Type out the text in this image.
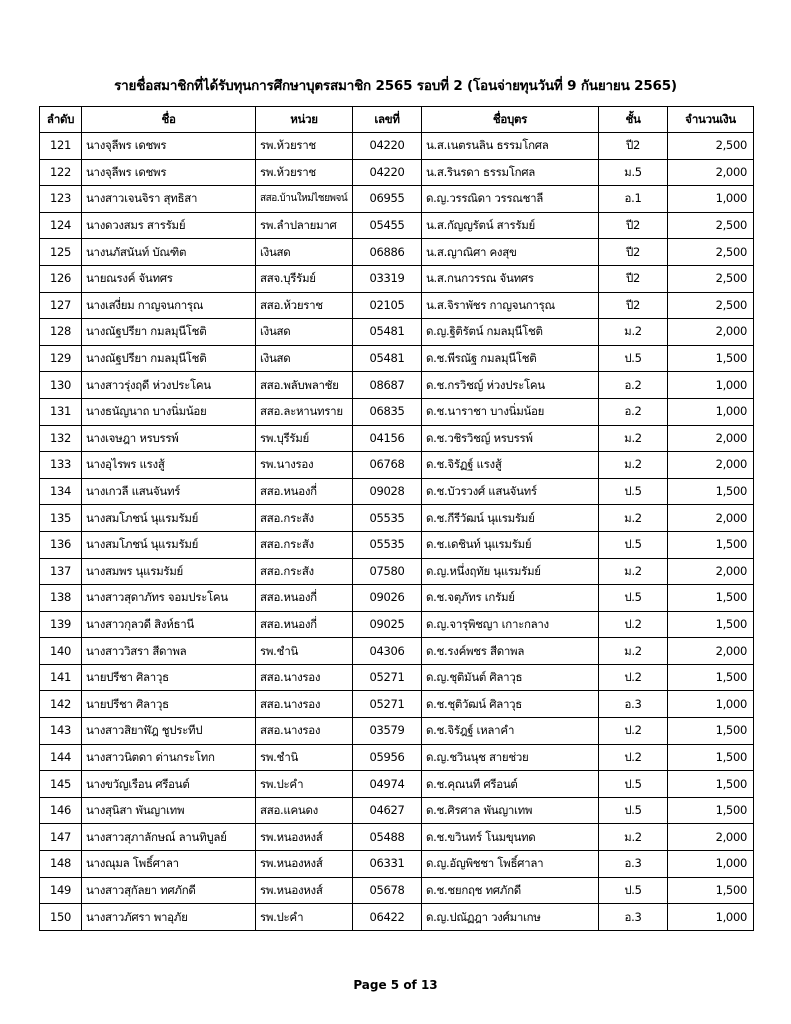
รายชื่อสมาชิกที่ได้รับทุนการศึกษาบุตรสมาชิก 2565 รอบที่ 2 (โอนจ่ายทุนวันที่ 9 กันยายน 2565)
ลำดับ	ชื่อ	หน่วย	เลขที่	ชื่อบุตร	ชั้น	จำนวนเงิน
121	นางจุลีพร เดชพร	รพ.ห้วยราช	04220	น.ส.เนตรนลิน ธรรมโกศล	ปี2	2,500
122	นางจุลีพร เดชพร	รพ.ห้วยราช	04220	น.ส.รินรดา ธรรมโกศล	ม.5	2,000
123	นางสาวเจนจิรา สุทธิสา	สสอ.บ้านใหม่ไชยพจน์	06955	ด.ญ.วรรณิดา วรรณชาลี	อ.1	1,000
124	นางดวงสมร สารรัมย์	รพ.ลำปลายมาศ	05455	น.ส.กัญญรัตน์ สารรัมย์	ปี2	2,500
125	นางนภัสนันท์ บัณฑิต	เงินสด	06886	น.ส.ญาณิศา คงสุข	ปี2	2,500
126	นายณรงค์ จันทศร	สสจ.บุรีรัมย์	03319	น.ส.กนกวรรณ จันทศร	ปี2	2,500
127	นางเสงี่ยม กาญจนการุณ	สสอ.ห้วยราช	02105	น.ส.จิราพัชร กาญจนการุณ	ปี2	2,500
128	นางณัฐปรียา กมลมุนีโชติ	เงินสด	05481	ด.ญ.ฐิติรัตน์ กมลมุนีโชติ	ม.2	2,000
129	นางณัฐปรียา กมลมุนีโชติ	เงินสด	05481	ด.ช.พีรณัฐ กมลมุนีโชติ	ป.5	1,500
130	นางสาวรุ่งฤดี ห่วงประโคน	สสอ.พลับพลาชัย	08687	ด.ช.กรวิชญ์ ห่วงประโคน	อ.2	1,000
131	นางธนัญนาถ บางนิ่มน้อย	สสอ.ละหานทราย	06835	ด.ช.นาราชา บางนิ่มน้อย	อ.2	1,000
132	นางเจษฎา หรบรรพ์	รพ.บุรีรัมย์	04156	ด.ช.วชิรวิชญ์ หรบรรพ์	ม.2	2,000
133	นางอุไรพร แรงสู้	รพ.นางรอง	06768	ด.ช.จิรัฏฐ์ แรงสู้	ม.2	2,000
134	นางเกวลี แสนจันทร์	สสอ.หนองกี่	09028	ด.ช.บัวรวงศ์ แสนจันทร์	ป.5	1,500
135	นางสมโภชน์ นุแรมรัมย์	สสอ.กระสัง	05535	ด.ช.กีรีวัฒน์ นุแรมรัมย์	ม.2	2,000
136	นางสมโภชน์ นุแรมรัมย์	สสอ.กระสัง	05535	ด.ช.เดชินท์ นุแรมรัมย์	ป.5	1,500
137	นางสมพร นุแรมรัมย์	สสอ.กระสัง	07580	ด.ญ.หนึ่งฤทัย นุแรมรัมย์	ม.2	2,000
138	นางสาวสุดาภัทร จอมประโคน	สสอ.หนองกี่	09026	ด.ช.จตุภัทร เกรัมย์	ป.5	1,500
139	นางสาวกุลวดี สิงห์ธานี	สสอ.หนองกี่	09025	ด.ญ.จารุพิชญา เกาะกลาง	ป.2	1,500
140	นางสาววิสรา สีดาพล	รพ.ชำนิ	04306	ด.ช.รงค์พชร สีดาพล	ม.2	2,000
141	นายปรีชา ศิลาวุธ	สสอ.นางรอง	05271	ด.ญ.ชุติมันต์ ศิลาวุธ	ป.2	1,500
142	นายปรีชา ศิลาวุธ	สสอ.นางรอง	05271	ด.ช.ชุติวัฒน์ ศิลาวุธ	อ.3	1,000
143	นางสาวสิยาฬัฎ ชูประทีป	สสอ.นางรอง	03579	ด.ช.จิรัฎฐ์ เหลาคำ	ป.2	1,500
144	นางสาวนิตดา ด่านกระโทก	รพ.ชำนิ	05956	ด.ญ.ชวินนุช สายช่วย	ป.2	1,500
145	นางขวัญเรือน ศรีอนต์	รพ.ปะคำ	04974	ด.ช.คุณนที ศรีอนต์	ป.5	1,500
146	นางสุนิสา พันญาเทพ	สสอ.แคนดง	04627	ด.ช.ศิรศาล พันญาเทพ	ป.5	1,500
147	นางสาวสุภาลักษณ์ ลานทิบูลย์	รพ.หนองหงส์	05488	ด.ช.ขวินทร์ โนมขุนทด	ม.2	2,000
148	นางณุมล โพธิ์ศาลา	รพ.หนองหงส์	06331	ด.ญ.อัญพิชชา โพธิ์ศาลา	อ.3	1,000
149	นางสาวสุกัลยา ทศภักดี	รพ.หนองหงส์	05678	ด.ช.ชยกฤช ทศภักดี	ป.5	1,500
150	นางสาวภัศรา พาอุภัย	รพ.ปะคำ	06422	ด.ญ.ปณัฏฎา วงศ์มาเกษ	อ.3	1,000
Page 5 of 13
